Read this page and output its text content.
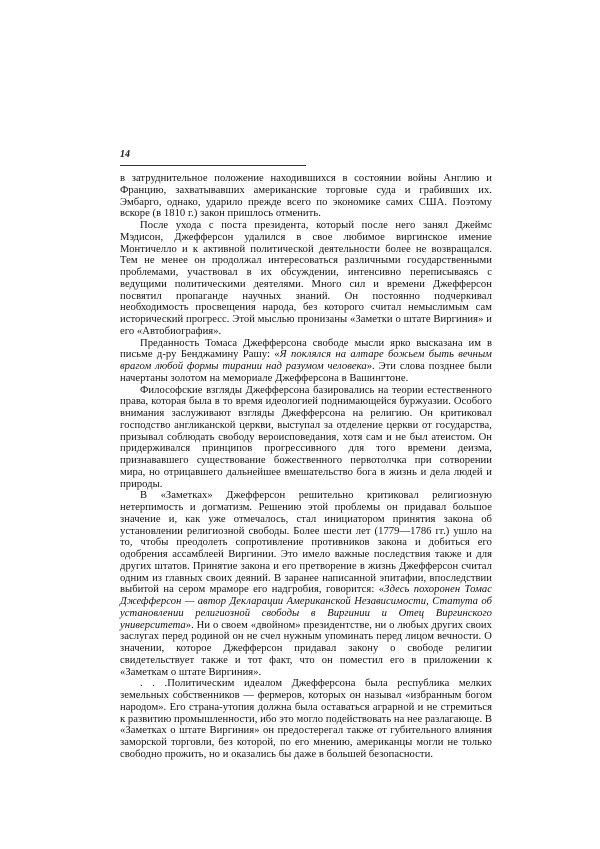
14

в затруднительное положение находившихся в состоянии войны Англию и Францию, захватывавших американские торговые суда и грабивших их. Эмбарго, однако, ударило прежде всего по экономике самих США. Поэтому вскоре (в 1810 г.) закон пришлось отменить.

После ухода с поста президента, который после него занял Джеймс Мэдисон, Джефферсон удалился в свое любимое виргинское имение Монтичелло и к активной политической деятельности более не возвращался. Тем не менее он продолжал интересоваться различными государственными проблемами, участвовал в их обсуждении, интенсивно переписываясь с ведущими политическими деятелями. Много сил и времени Джефферсон посвятил пропаганде научных знаний. Он постоянно подчеркивал необходимость просвещения народа, без которого считал немыслимым сам исторический прогресс. Этой мыслью пронизаны «Заметки о штате Виргиния» и его «Автобиография».

Преданность Томаса Джефферсона свободе мысли ярко высказана им в письме д-ру Бенджамину Рашу: «Я поклялся на алтаре божьем быть вечным врагом любой формы тирании над разумом человека». Эти слова позднее были начертаны золотом на мемориале Джефферсона в Вашингтоне.

Философские взгляды Джефферсона базировались на теории естественного права, которая была в то время идеологией поднимающейся буржуазии. Особого внимания заслуживают взгляды Джефферсона на религию. Он критиковал господство англиканской церкви, выступал за отделение церкви от государства, призывал соблюдать свободу вероисповедания, хотя сам и не был атеистом. Он придерживался принципов прогрессивного для того времени деизма, признававшего существование божественного первотолчка при сотворении мира, но отрицавшего дальнейшее вмешательство бога в жизнь и дела людей и природы.

В «Заметках» Джефферсон решительно критиковал религиозную нетерпимость и догматизм. Решению этой проблемы он придавал большое значение и, как уже отмечалось, стал инициатором принятия закона об установлении религиозной свободы. Более шести лет (1779—1786 гг.) ушло на то, чтобы преодолеть сопротивление противников закона и добиться его одобрения ассамблеей Виргинии. Это имело важные последствия также и для других штатов. Принятие закона и его претворение в жизнь Джефферсон считал одним из главных своих деяний. В заранее написанной эпитафии, впоследствии выбитой на сером мраморе его надгробия, говорится: «Здесь похоронен Томас Джефферсон — автор Декларации Американской Независимости, Статута об установлении религиозной свободы в Виргинии и Отец Виргинского университета». Ни о своем «двойном» президентстве, ни о любых других своих заслугах перед родиной он не счел нужным упоминать перед лицом вечности. О значении, которое Джефферсон придавал закону о свободе религии свидетельствует также и тот факт, что он поместил его в приложении к «Заметкам о штате Виргиния».

. . .Политическим идеалом Джефферсона была республика мелких земельных собственников — фермеров, которых он называл «избранным богом народом». Его страна-утопия должна была оставаться аграрной и не стремиться к развитию промышленности, ибо это могло подействовать на нее разлагающе. В «Заметках о штате Виргиния» он предостерегал также от губительного влияния заморской торговли, без которой, по его мнению, американцы могли не только свободно прожить, но и оказались бы даже в большей безопасности.
